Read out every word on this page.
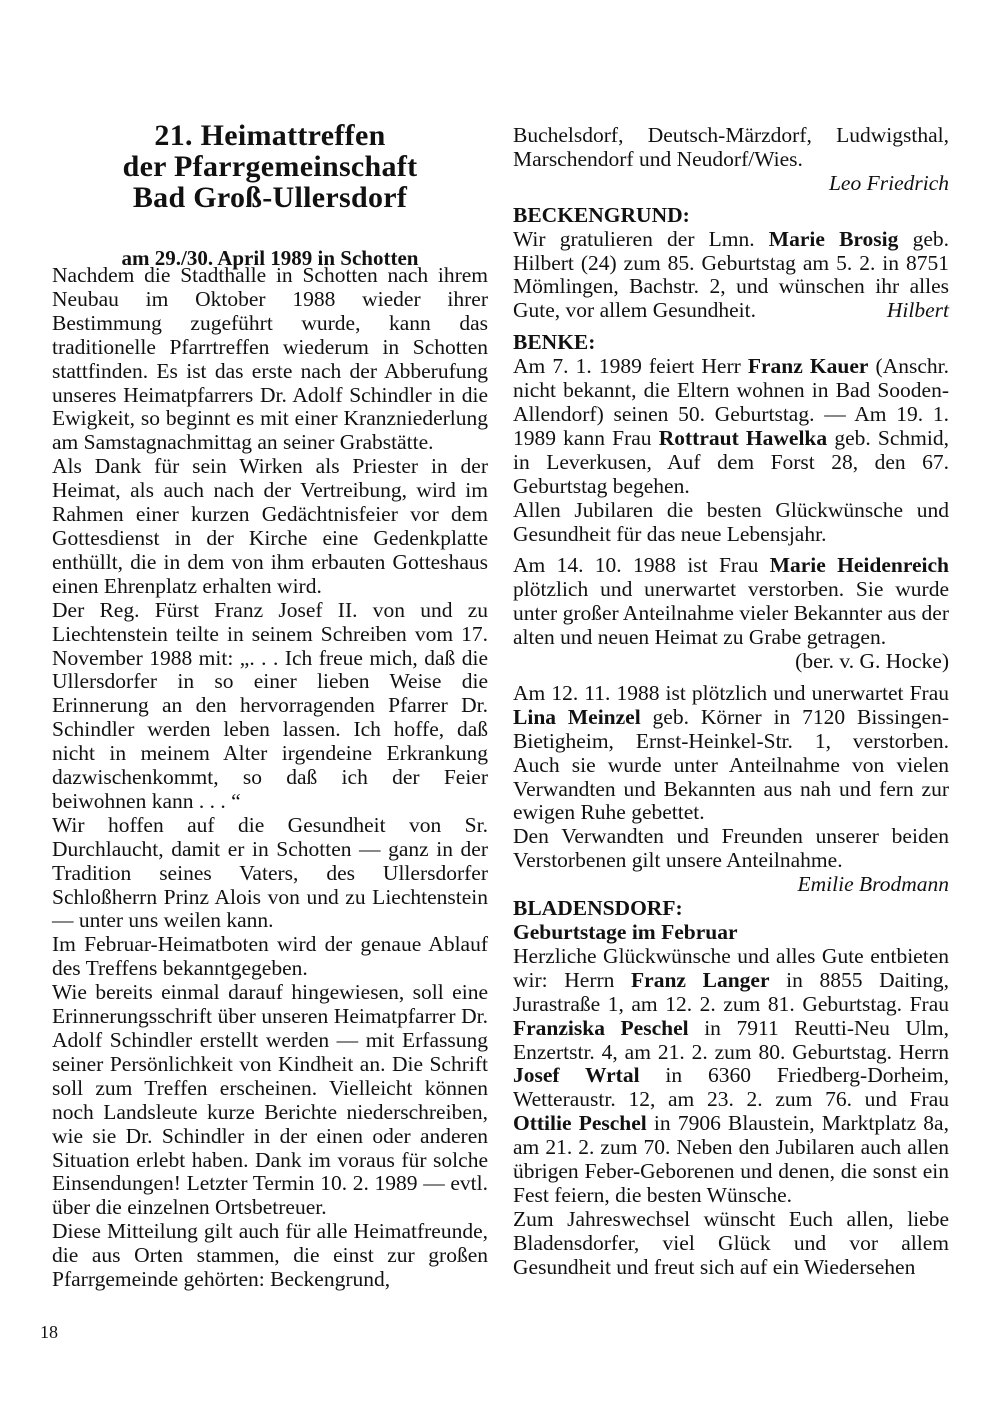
21. Heimattreffen
der Pfarrgemeinschaft
Bad Groß-Ullersdorf
am 29./30. April 1989 in Schotten

Nachdem die Stadthalle in Schotten nach ihrem Neubau im Oktober 1988 wieder ihrer Bestimmung zugeführt wurde, kann das traditionelle Pfarrtreffen wiederum in Schotten stattfinden. Es ist das erste nach der Abberufung unseres Heimatpfarrers Dr. Adolf Schindler in die Ewigkeit, so beginnt es mit einer Kranzniederlung am Samstagnachmittag an seiner Grabstätte.

Als Dank für sein Wirken als Priester in der Heimat, als auch nach der Vertreibung, wird im Rahmen einer kurzen Gedächtnisfeier vor dem Gottesdienst in der Kirche eine Gedenkplatte enthüllt, die in dem von ihm erbauten Gotteshaus einen Ehrenplatz erhalten wird.

Der Reg. Fürst Franz Josef II. von und zu Liechtenstein teilte in seinem Schreiben vom 17. November 1988 mit: „. . . Ich freue mich, daß die Ullersdorfer in so einer lieben Weise die Erinnerung an den hervorragenden Pfarrer Dr. Schindler werden leben lassen. Ich hoffe, daß nicht in meinem Alter irgendeine Erkrankung dazwischenkommt, so daß ich der Feier beiwohnen kann . . . “

Wir hoffen auf die Gesundheit von Sr. Durchlaucht, damit er in Schotten — ganz in der Tradition seines Vaters, des Ullersdorfer Schloßherrn Prinz Alois von und zu Liechtenstein — unter uns weilen kann.

Im Februar-Heimatboten wird der genaue Ablauf des Treffens bekanntgegeben.

Wie bereits einmal darauf hingewiesen, soll eine Erinnerungsschrift über unseren Heimatpfarrer Dr. Adolf Schindler erstellt werden — mit Erfassung seiner Persönlichkeit von Kindheit an. Die Schrift soll zum Treffen erscheinen. Vielleicht können noch Landsleute kurze Berichte niederschreiben, wie sie Dr. Schindler in der einen oder anderen Situation erlebt haben. Dank im voraus für solche Einsendungen! Letzter Termin 10. 2. 1989 — evtl. über die einzelnen Ortsbetreuer.

Diese Mitteilung gilt auch für alle Heimatfreunde, die aus Orten stammen, die einst zur großen Pfarrgemeinde gehörten: Beckengrund,

Buchelsdorf, Deutsch-Märzdorf, Ludwigsthal, Marschendorf und Neudorf/Wies.

Leo Friedrich

BECKENGRUND:

Wir gratulieren der Lmn. Marie Brosig geb. Hilbert (24) zum 85. Geburtstag am 5. 2. in 8751 Mömlingen, Bachstr. 2, und wünschen ihr alles Gute, vor allem Gesundheit.	Hilbert

BENKE:

Am 7. 1. 1989 feiert Herr Franz Kauer (Anschr. nicht bekannt, die Eltern wohnen in Bad Sooden-Allendorf) seinen 50. Geburtstag. — Am 19. 1. 1989 kann Frau Rottraut Hawelka geb. Schmid, in Leverkusen, Auf dem Forst 28, den 67. Geburtstag begehen.

Allen Jubilaren die besten Glückwünsche und Gesundheit für das neue Lebensjahr.

Am 14. 10. 1988 ist Frau Marie Heidenreich plötzlich und unerwartet verstorben. Sie wurde unter großer Anteilnahme vieler Bekannter aus der alten und neuen Heimat zu Grabe getragen.
(ber. v. G. Hocke)

Am 12. 11. 1988 ist plötzlich und unerwartet Frau Lina Meinzel geb. Körner in 7120 Bissingen-Bietigheim, Ernst-Heinkel-Str. 1, verstorben. Auch sie wurde unter Anteilnahme von vielen Verwandten und Bekannten aus nah und fern zur ewigen Ruhe gebettet.

Den Verwandten und Freunden unserer beiden Verstorbenen gilt unsere Anteilnahme.

Emilie Brodmann

BLADENSDORF:

Geburtstage im Februar

Herzliche Glückwünsche und alles Gute entbieten wir: Herrn Franz Langer in 8855 Daiting, Jurastraße 1, am 12. 2. zum 81. Geburtstag. Frau Franziska Peschel in 7911 Reutti-Neu Ulm, Enzertstr. 4, am 21. 2. zum 80. Geburtstag. Herrn Josef Wrtal in 6360 Friedberg-Dorheim, Wetteraustr. 12, am 23. 2. zum 76. und Frau Ottilie Peschel in 7906 Blaustein, Marktplatz 8a, am 21. 2. zum 70. Neben den Jubilaren auch allen übrigen Feber-Geborenen und denen, die sonst ein Fest feiern, die besten Wünsche.

Zum Jahreswechsel wünscht Euch allen, liebe Bladensdorfer, viel Glück und vor allem Gesundheit und freut sich auf ein Wiedersehen

18
